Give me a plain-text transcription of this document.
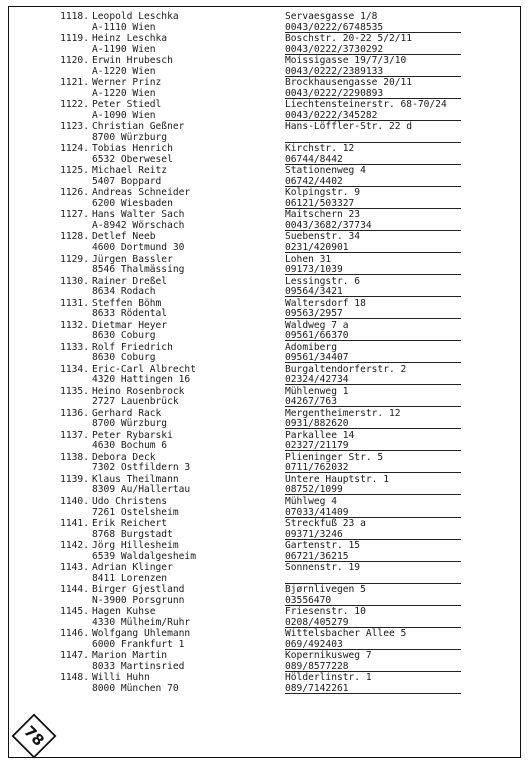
1118. Leopold Leschka	Servaesgasse 1/8
A-1110 Wien	0043/0222/6748535
1119. Heinz Leschka	Boschstr. 20-22 5/2/11
A-1190 Wien	0043/0222/3730292
1120. Erwin Hrubesch	Moissigasse 19/7/3/10
A-1220 Wien	0043/0222/2389133
1121. Werner Prinz	Brockhausengasse 20/11
A-1220 Wien	0043/0222/2290893
1122. Peter Stiedl	Liechtensteinerstr. 68-70/24
A-1090 Wien	0043/0222/345282
1123. Christian Geßner	Hans-Löffler-Str. 22 d
8700 Würzburg
1124. Tobias Henrich	Kirchstr. 12
6532 Oberwesel	06744/8442
1125. Michael Reitz	Stationenweg 4
5407 Boppard	06742/4402
1126. Andreas Schneider	Kolpingstr. 9
6200 Wiesbaden	06121/503327
1127. Hans Walter Sach	Maitschern 23
A-8942 Wörschach	0043/3682/37734
1128. Detlef Neeb	Suebenstr. 34
4600 Dortmund 30	0231/420901
1129. Jürgen Bassler	Lohen 31
8546 Thalmässing	09173/1039
1130. Rainer Dreßel	Lessingstr. 6
8634 Rodach	09564/3421
1131. Steffen Böhm	Waltersdorf 18
8633 Rödental	09563/2957
1132. Dietmar Heyer	Waldweg 7 a
8630 Coburg	09561/66370
1133. Rolf Friedrich	Adomiberg
8630 Coburg	09561/34407
1134. Eric-Carl Albrecht	Burgaltendorferstr. 2
4320 Hattingen 16	02324/42734
1135. Heino Rosenbrock	Mühlenweg 1
2727 Lauenbrück	04267/763
1136. Gerhard Rack	Mergentheimerstr. 12
8700 Würzburg	0931/882620
1137. Peter Rybarski	Parkallee 14
4630 Bochum 6	02327/21179
1138. Debora Deck	Plieninger Str. 5
7302 Ostfildern 3	0711/762032
1139. Klaus Theilmann	Untere Hauptstr. 1
8309 Au/Hallertau	08752/1099
1140. Udo Christens	Mühlweg 4
7261 Ostelsheim	07033/41409
1141. Erik Reichert	Streckfuß 23 a
8768 Burgstadt	09371/3246
1142. Jörg Hillesheim	Gartenstr. 15
6539 Waldalgesheim	06721/36215
1143. Adrian Klinger	Sonnenstr. 19
8411 Lorenzen
1144. Birger Gjestland	Bjørnlivegen 5
N-3900 Porsgrunn	03556470
1145. Hagen Kuhse	Friesenstr. 10
4330 Mülheim/Ruhr	0208/405279
1146. Wolfgang Uhlemann	Wittelsbacher Allee 5
6000 Frankfurt 1	069/492403
1147. Marion Martin	Kopernikusweg 7
8033 Martinsried	089/8577228
1148. Willi Huhn	Hölderlinstr. 1
8000 München 70	089/7142261
78
